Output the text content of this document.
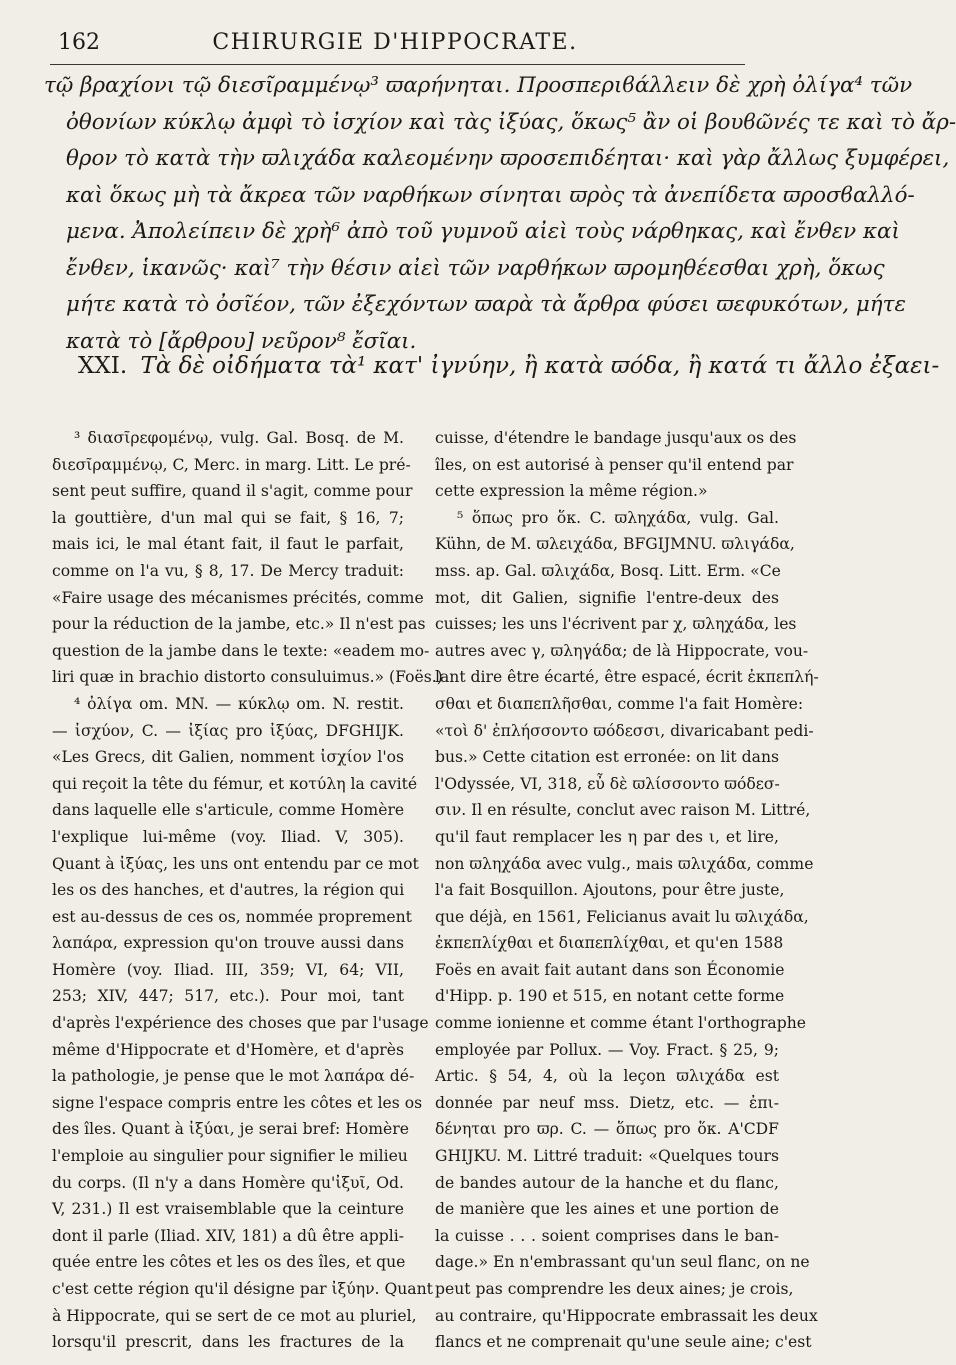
162	CHIRURGIE D'HIPPOCRATE.
τῷ βραχίονι τῷ διεσῖραμμένῳ³ ϖαρήνηται. Προσπεριϐάλλειν δὲ χρὴ ὀλίγα⁴ τῶν
ὀθονίων κύκλῳ ἀμφὶ τὸ ἰσχίον καὶ τὰς ἰξύας, ὅκως⁵ ἂν οἱ βουϐῶνές τε καὶ τὸ ἄρ-
θρον τὸ κατὰ τὴν ϖλιχάδα καλεομένην ϖροσεπιδέηται· καὶ γὰρ ἄλλως ξυμφέρει,
καὶ ὅκως μὴ τὰ ἄκρεα τῶν ναρθήκων σίνηται ϖρὸς τὰ ἀνεπίδετα ϖροσϐαλλό-
μενα. Ἀπολείπειν δὲ χρὴ⁶ ἀπὸ τοῦ γυμνοῦ αἰεὶ τοὺς νάρθηκας, καὶ ἔνθεν καὶ
ἔνθεν, ἱκανῶς· καὶ⁷ τὴν θέσιν αἰεὶ τῶν ναρθήκων ϖρομηθέεσθαι χρὴ, ὅκως
μήτε κατὰ τὸ ὀσῖέον, τῶν ἐξεχόντων ϖαρὰ τὰ ἄρθρα φύσει ϖεφυκότων, μήτε
κατὰ τὸ [ἄρθρου] νεῦρον⁸ ἔσῖαι.
XXI. Τὰ δὲ οἰδήματα τὰ¹ κατ' ἰγνύην, ἢ κατὰ ϖόδα, ἢ κατά τι ἄλλο ἐξαει-
³ διασῖρεφομένῳ, vulg. Gal. Bosq. de M.
διεσῖραμμένῳ, C, Merc. in marg. Litt. Le pré-
sent peut suffire, quand il s'agit, comme pour
la gouttière, d'un mal qui se fait, § 16, 7;
mais ici, le mal étant fait, il faut le parfait,
comme on l'a vu, § 8, 17. De Mercy traduit:
«Faire usage des mécanismes précités, comme
pour la réduction de la jambe, etc.» Il n'est pas
question de la jambe dans le texte: «eadem mo-
liri quæ in brachio distorto consuluimus.» (Foës.)
⁴ ὀλίγα om. MN. — κύκλῳ om. N. restit.
— ἰσχύον, C. — ἰξίας pro ἰξύας, DFGHIJK.
«Les Grecs, dit Galien, nomment ἰσχίον l'os
qui reçoit la tête du fémur, et κοτύλη la cavité
dans laquelle elle s'articule, comme Homère
l'explique lui-même (voy. Iliad. V, 305).
Quant à ἰξύας, les uns ont entendu par ce mot
les os des hanches, et d'autres, la région qui
est au-dessus de ces os, nommée proprement
λαπάρα, expression qu'on trouve aussi dans
Homère (voy. Iliad. III, 359; VI, 64; VII,
253; XIV, 447; 517, etc.). Pour moi, tant
d'après l'expérience des choses que par l'usage
même d'Hippocrate et d'Homère, et d'après
la pathologie, je pense que le mot λαπάρα dé-
signe l'espace compris entre les côtes et les os
des îles. Quant à ἰξύαι, je serai bref: Homère
l'emploie au singulier pour signifier le milieu
du corps. (Il n'y a dans Homère qu'ἰξυῖ, Od.
V, 231.) Il est vraisemblable que la ceinture
dont il parle (Iliad. XIV, 181) a dû être appli-
quée entre les côtes et les os des îles, et que
c'est cette région qu'il désigne par ἰξύην. Quant
à Hippocrate, qui se sert de ce mot au pluriel,
lorsqu'il prescrit, dans les fractures de la
cuisse, d'étendre le bandage jusqu'aux os des
îles, on est autorisé à penser qu'il entend par
cette expression la même région.»
⁵ ὅπως pro ὅκ. C. ϖληχάδα, vulg. Gal.
Kühn, de M. ϖλειχάδα, BFGIJMNU. ϖλιγάδα,
mss. ap. Gal. ϖλιχάδα, Bosq. Litt. Erm. «Ce
mot, dit Galien, signifie l'entre-deux des
cuisses; les uns l'écrivent par χ, ϖληχάδα, les
autres avec γ, ϖληγάδα; de là Hippocrate, vou-
lant dire être écarté, être espacé, écrit ἐκπεπλή-
σθαι et διαπεπλῆσθαι, comme l'a fait Homère:
«τοὶ δ' ἐπλήσσοντο ϖόδεσσι, divaricabant pedi-
bus.» Cette citation est erronée: on lit dans
l'Odyssée, VI, 318, εὖ δὲ ϖλίσσοντο ϖόδεσ-
σιν. Il en résulte, conclut avec raison M. Littré,
qu'il faut remplacer les η par des ι, et lire,
non ϖληχάδα avec vulg., mais ϖλιχάδα, comme
l'a fait Bosquillon. Ajoutons, pour être juste,
que déjà, en 1561, Felicianus avait lu ϖλιχάδα,
ἐκπεπλίχθαι et διαπεπλίχθαι, et qu'en 1588
Foës en avait fait autant dans son Économie
d'Hipp. p. 190 et 515, en notant cette forme
comme ionienne et comme étant l'orthographe
employée par Pollux. — Voy. Fract. § 25, 9;
Artic. § 54, 4, où la leçon ϖλιχάδα est
donnée par neuf mss. Dietz, etc. — ἐπι-
δένηται pro ϖρ. C. — ὅπως pro ὅκ. A'CDF
GHIJKU. M. Littré traduit: «Quelques tours
de bandes autour de la hanche et du flanc,
de manière que les aines et une portion de
la cuisse . . . soient comprises dans le ban-
dage.» En n'embrassant qu'un seul flanc, on ne
peut pas comprendre les deux aines; je crois,
au contraire, qu'Hippocrate embrassait les deux
flancs et ne comprenait qu'une seule aine; c'est
